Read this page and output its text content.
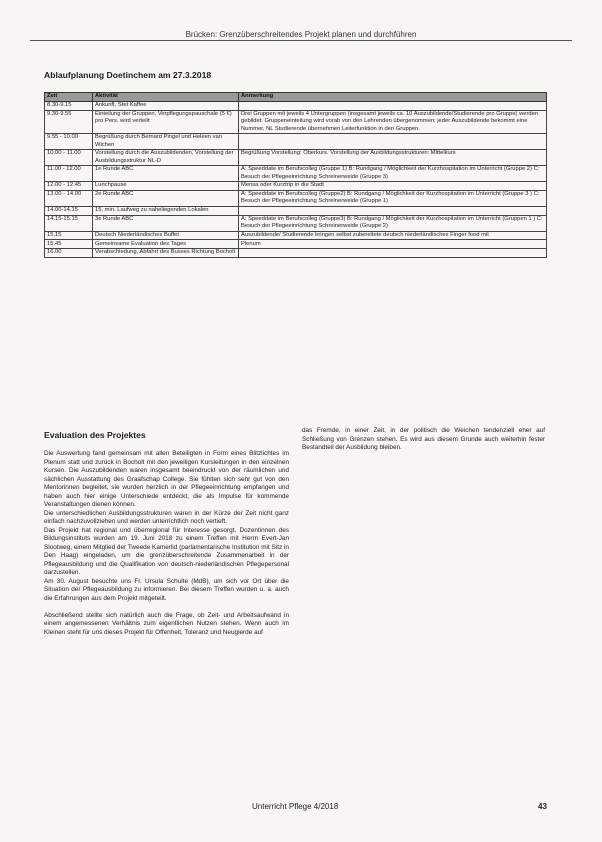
Brücken: Grenzüberschreitendes Projekt planen und durchführen
Ablaufplanung Doetinchem am 27.3.2018
Zeit	Aktivität	Anmerkung
8.30-9.15	Ankunft, Stet Kaffee	
9.30-9.55	Einteilung der Gruppen, Verpflegungspauschale (5 €) pro Pers. wird verteilt	Drei Gruppen mit jeweils 4 Untergruppen (insgesamt jeweils ca. 10 Auszubildende/Studierende pro Gruppe) werden gebildet. Gruppeneinteilung wird vorab von den Lehrenden übergenommen; jeder Auszubildende bekommt eine Nummer, NL Studierende übernehmen Leiterfunktion in den Gruppen.
9.55 - 10.00	Begrüßung durch Bernard Pingel und Heleen van Wichen	
10.00 - 11.00	Vorstellung durch die Auszubildenden, Vorstellung der Ausbildungsstruktur NL-D	Begrüßung Vorstellung: Oberkurs. Vorstellung der Ausbildungsstrukturen: Mittelkurs
11.00 - 12.00	1e Runde ABC	A: Speeddate im Berufscolleg (Gruppe 1) B: Rundgang / Möglichkeit der Kurzhospitation im Unterricht (Gruppe 2) C: Besuch der Pflegeeinrichtung Schreinerweide (Gruppe 3)
12.00 - 12.45	Lunchpause	Mensa oder Kurztrip in die Stadt
13.00 - 14.00	2e Runde ABC	A: Speeddate im Berufscolleg (Gruppe2) B: Rundgang / Möglichkeit der Kurzhospitation im Unterricht (Gruppe 3 ) C: Besuch der Pflegeeinrichtung Schreinerweide (Gruppe 1)
14.00-14.15	15. min. Laufweg zu naheliegenden Lokalen	
14.15-15.15	3e Runde ABC	A: Speeddate im Berufscolleg (Gruppe3) B: Rundgang / Möglichkeit der Kurzhospitation im Unterricht (Gruppen 1 ) C: Besuch der Pflegeeinrichtung Schreinerweide (Gruppe 2)
15.15	Deutsch Niederländisches Buffet	Auszubildende/ Studierende bringen selbst zubereitete deutsch niederländisches Finger food mit
15.45	Gemeinsame Evaluation des Tages	Plenum
16.00	Verabschiedung, Abfahrt des Busses Richtung Bocholt	
Evaluation des Projektes

Die Auswertung fand gemeinsam mit allen Beteiligten in Form eines Blitzlichtes im Plenum statt und zurück in Bocholt mit den jeweiligen Kursleitungen in den einzelnen Kursen. Die Auszubildenden waren insgesamt beeindruckt von der räumlichen und sächlichen Ausstattung des Graafschap College. Sie fühlten sich sehr gut von den Mentorinnen begleitet, sie wurden herzlich in der Pflegeeinrichtung empfangen und haben auch hier einige Unterschiede entdeckt, die als Impulse für kommende Veranstaltungen dienen können.

Die unterschiedlichen Ausbildungsstrukturen waren in der Kürze der Zeit nicht ganz einfach nachzuvollziehen und werden unterrichtlich noch vertieft.

Das Projekt hat regional und überregional für Interesse gesorgt. Dozentinnen des Bildungsinstituts wurden am 19. Juni 2018 zu einem Treffen mit Herrn Evert-Jan Slootweg, einem Mitglied der Tweede Kamerlid (parlamentarische Institution mit Sitz in Den Haag) eingeladen, um die grenzüberschreitende Zusammenarbeit in der Pflegeausbildung und die Qualifikation von deutsch-niederländischen Pflegepersonal darzustellen.

Am 30. August besuchte uns Fr. Ursula Schulte (MdB), um sich vor Ort über die Situation der Pflegeausbildung zu informieren. Bei diesem Treffen wurden u. a. auch die Erfahrungen aus dem Projekt mitgeteilt.

Abschließend stellte sich natürlich auch die Frage, ob Zeit- und Arbeitsaufwand in einem angemessenen Verhältnis zum eigentlichen Nutzen stehen. Wenn auch im Kleinen steht für uns dieses Projekt für Offenheit, Toleranz und Neugierde auf

das Fremde, in einer Zeit, in der politisch die Weichen tendenziell eher auf Schließung von Grenzen stehen. Es wird aus diesem Grunde auch weiterhin fester Bestandteil der Ausbildung bleiben.

Unterricht Pflege 4/2018	43
